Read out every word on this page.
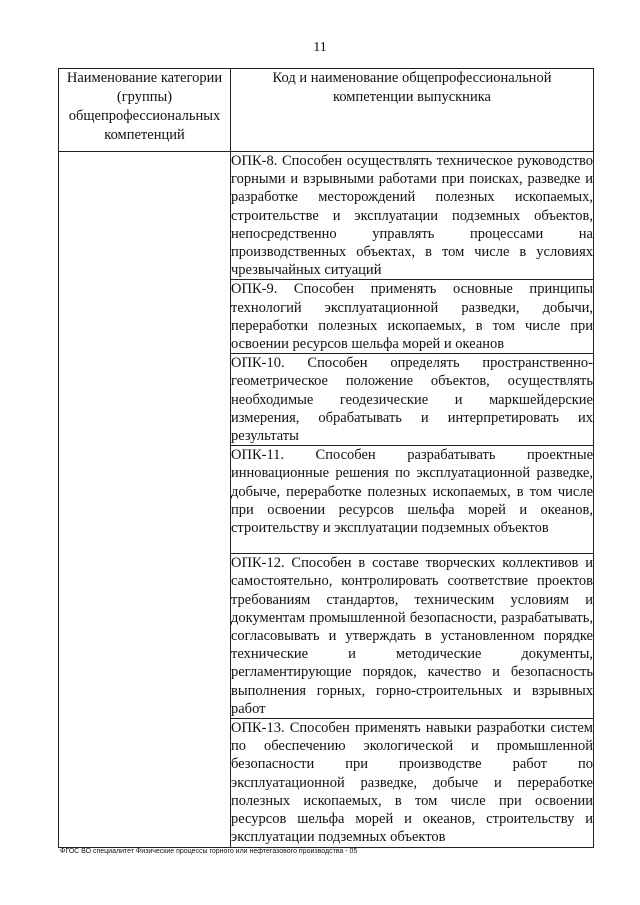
11
Наименование категории (группы) общепрофессиональных компетенций	Код и наименование общепрофессиональной компетенции выпускника
	ОПК-8. Способен осуществлять техническое руководство горными и взрывными работами при поисках, разведке и разработке месторождений полезных ископаемых, строительстве и эксплуатации подземных объектов, непосредственно управлять процессами на производственных объектах, в том числе в условиях чрезвычайных ситуаций
	ОПК-9. Способен применять основные принципы технологий эксплуатационной разведки, добычи, переработки полезных ископаемых, в том числе при освоении ресурсов шельфа морей и океанов
	ОПК-10. Способен определять пространственно-геометрическое положение объектов, осуществлять необходимые геодезические и маркшейдерские измерения, обрабатывать и интерпретировать их результаты
	ОПК-11. Способен разрабатывать проектные инновационные решения по эксплуатационной разведке, добыче, переработке полезных ископаемых, в том числе при освоении ресурсов шельфа морей и океанов, строительству и эксплуатации подземных объектов
	ОПК-12. Способен в составе творческих коллективов и самостоятельно, контролировать соответствие проектов требованиям стандартов, техническим условиям и документам промышленной безопасности, разрабатывать, согласовывать и утверждать в установленном порядке технические и методические документы, регламентирующие порядок, качество и безопасность выполнения горных, горно-строительных и взрывных работ
	ОПК-13. Способен применять навыки разработки систем по обеспечению экологической и промышленной безопасности при производстве работ по эксплуатационной разведке, добыче и переработке полезных ископаемых, в том числе при освоении ресурсов шельфа морей и океанов, строительству и эксплуатации подземных объектов
ФГОС ВО специалитет Физические процессы горного или нефтегазового производства - 05
